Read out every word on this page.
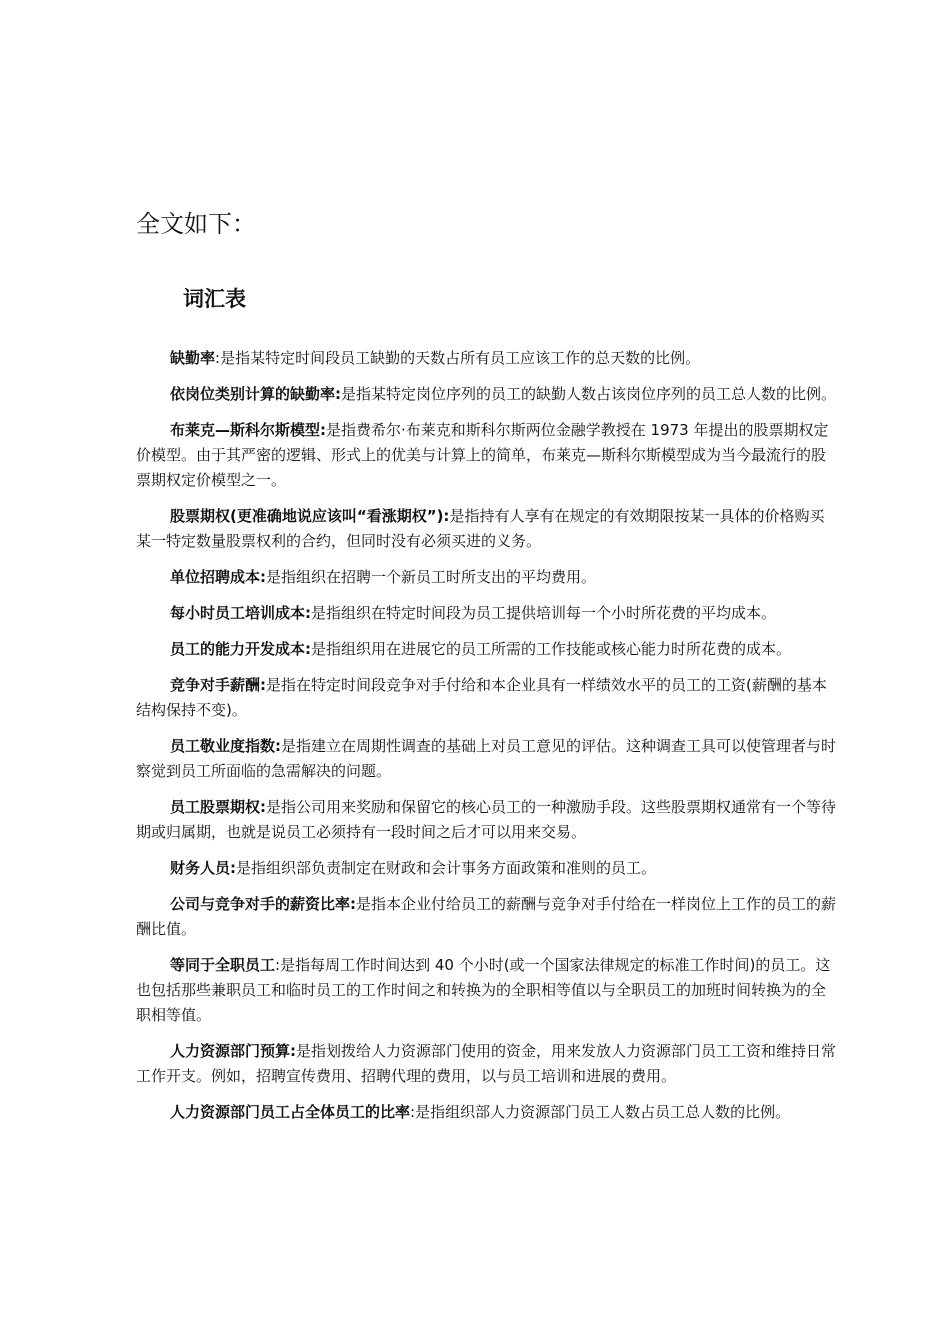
全文如下：

词汇表

缺勤率:是指某特定时间段员工缺勤的天数占所有员工应该工作的总天数的比例。

依岗位类别计算的缺勤率:是指某特定岗位序列的员工的缺勤人数占该岗位序列的员工总人数的比例。

布莱克—斯科尔斯模型:是指费希尔·布莱克和斯科尔斯两位金融学教授在 1973 年提出的股票期权定价模型。由于其严密的逻辑、形式上的优美与计算上的简单，布莱克—斯科尔斯模型成为当今最流行的股票期权定价模型之一。

股票期权(更准确地说应该叫“看涨期权”):是指持有人享有在规定的有效期限按某一具体的价格购买某一特定数量股票权利的合约，但同时没有必须买进的义务。

单位招聘成本:是指组织在招聘一个新员工时所支出的平均费用。

每小时员工培训成本:是指组织在特定时间段为员工提供培训每一个小时所花费的平均成本。

员工的能力开发成本:是指组织用在进展它的员工所需的工作技能或核心能力时所花费的成本。

竞争对手薪酬:是指在特定时间段竞争对手付给和本企业具有一样绩效水平的员工的工资(薪酬的基本结构保持不变)。

员工敬业度指数:是指建立在周期性调查的基础上对员工意见的评估。这种调查工具可以使管理者与时察觉到员工所面临的急需解决的问题。

员工股票期权:是指公司用来奖励和保留它的核心员工的一种激励手段。这些股票期权通常有一个等待期或归属期，也就是说员工必须持有一段时间之后才可以用来交易。

财务人员:是指组织部负责制定在财政和会计事务方面政策和准则的员工。

公司与竞争对手的薪资比率:是指本企业付给员工的薪酬与竞争对手付给在一样岗位上工作的员工的薪酬比值。

等同于全职员工:是指每周工作时间达到 40 个小时(或一个国家法律规定的标准工作时间)的员工。这也包括那些兼职员工和临时员工的工作时间之和转换为的全职相等值以与全职员工的加班时间转换为的全职相等值。

人力资源部门预算:是指划拨给人力资源部门使用的资金，用来发放人力资源部门员工工资和维持日常工作开支。例如，招聘宣传费用、招聘代理的费用，以与员工培训和进展的费用。

人力资源部门员工占全体员工的比率:是指组织部人力资源部门员工人数占员工总人数的比例。
